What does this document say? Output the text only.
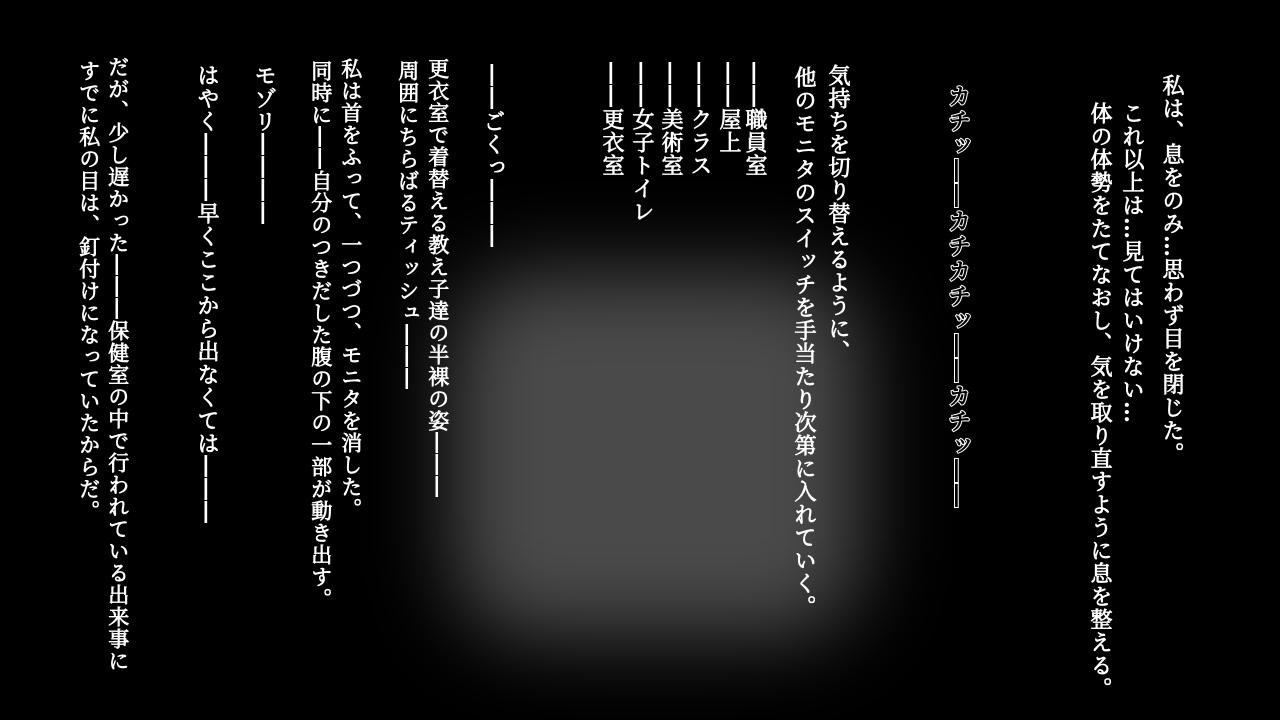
私は、息をのみ…思わず目を閉じた。
これ以上は…見てはいけない…
体の体勢をたてなおし、気を取り直すように息を整える。
カチッ――カチカチッ――カチッ――
気持ちを切り替えるように、
他のモニタのスイッチを手当たり次第に入れていく。
――職員室
――屋上
――クラス
――美術室
――女子トイレ
――更衣室
――ごくっ―――
更衣室で着替える教え子達の半裸の姿―――
周囲にちらばるティッシュ―――
私は首をふって、一つづつ、モニタを消した。
同時に――自分のつきだした腹の下の一部が動き出す。
モゾリ――――
はやく―――早くここから出なくては―――
だが、少し遅かった―――保健室の中で行われている出来事に
すでに私の目は、釘付けになっていたからだ。
